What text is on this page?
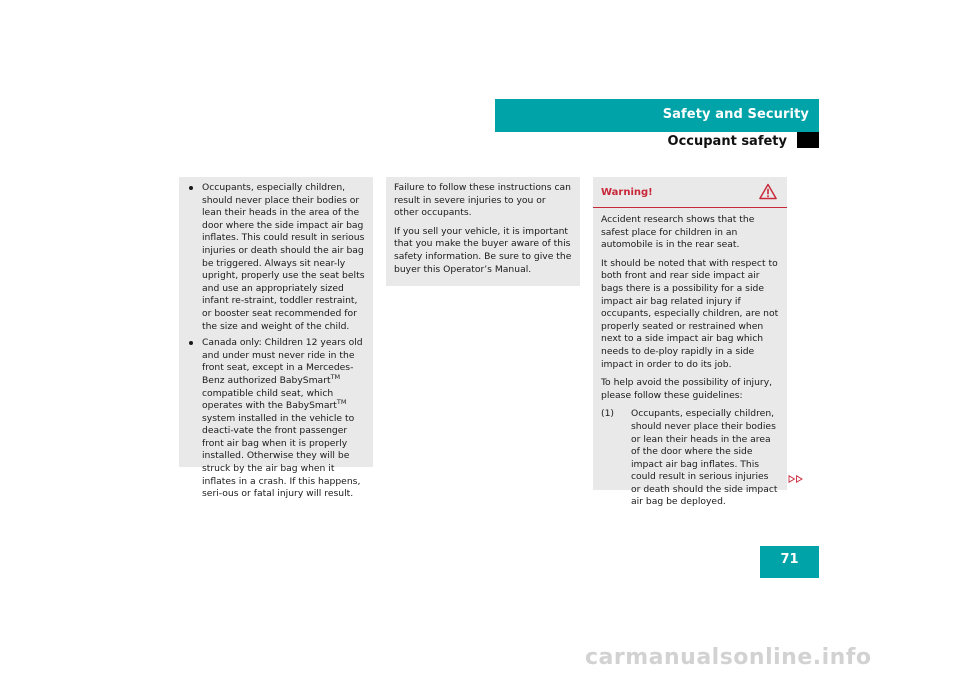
Safety and Security
Occupant safety
Occupants, especially children, should never place their bodies or lean their heads in the area of the door where the side impact air bag inflates. This could result in serious injuries or death should the air bag be triggered. Always sit near-ly upright, properly use the seat belts and use an appropriately sized infant re-straint, toddler restraint, or booster seat recommended for the size and weight of the child.
Canada only: Children 12 years old and under must never ride in the front seat, except in a Mercedes-Benz authorized BabySmart™ compatible child seat, which operates with the BabySmart™ system installed in the vehicle to deacti-vate the front passenger front air bag when it is properly installed. Otherwise they will be struck by the air bag when it inflates in a crash. If this happens, seri-ous or fatal injury will result.

Failure to follow these instructions can result in severe injuries to you or other occupants.

If you sell your vehicle, it is important that you make the buyer aware of this safety information. Be sure to give the buyer this Operator’s Manual.

Warning!

Accident research shows that the safest place for children in an automobile is in the rear seat.

It should be noted that with respect to both front and rear side impact air bags there is a possibility for a side impact air bag related injury if occupants, especially children, are not properly seated or restrained when next to a side impact air bag which needs to de-ploy rapidly in a side impact in order to do its job.

To help avoid the possibility of injury, please follow these guidelines:

(1) Occupants, especially children, should never place their bodies or lean their heads in the area of the door where the side impact air bag inflates. This could result in serious injuries or death should the side impact air bag be deployed.
71

carmanualsonline.info
